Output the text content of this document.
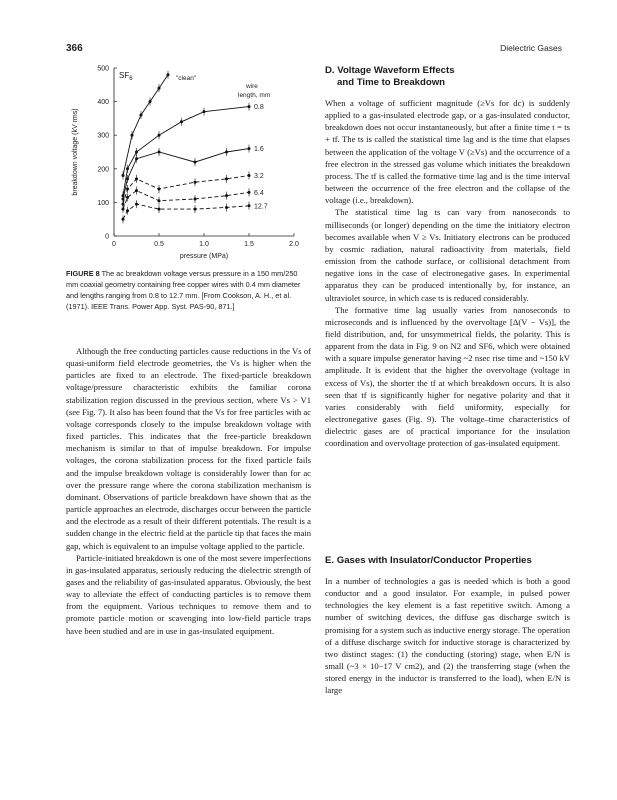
366	Dielectric Gases
0	0.5	1.0	1.5	2.0
0
100
200
300
400
500
0.8
1.6
3.2
6.4
12.7
breakdown voltage (kV rms)
pressure (MPa)
$SF_6$	"clean"
wire
length, mm
FIGURE 8 The ac breakdown voltage versus pressure in a 150 mm/250 mm coaxial geometry containing free copper wires with 0.4 mm diameter and lengths ranging from 0.8 to 12.7 mm. [From Cookson, A. H., et al. (1971). IEEE Trans. Power App. Syst. PAS-90, 871.]

Although the free conducting particles cause reductions in the Vs of quasi-uniform field electrode geometries, the Vs is higher when the particles are fixed to an electrode. The fixed-particle breakdown voltage/pressure characteristic exhibits the familiar corona stabilization region discussed in the previous section, where Vs > V1 (see Fig. 7). It also has been found that the Vs for free particles with ac voltage corresponds closely to the impulse breakdown voltage with fixed particles. This indicates that the free-particle breakdown mechanism is similar to that of impulse breakdown. For impulse voltages, the corona stabilization process for the fixed particle fails and the impulse breakdown voltage is considerably lower than for ac over the pressure range where the corona stabilization mechanism is dominant. Observations of particle breakdown have shown that as the particle approaches an electrode, discharges occur between the particle and the electrode as a result of their different potentials. The result is a sudden change in the electric field at the particle tip that faces the main gap, which is equivalent to an impulse voltage applied to the particle.

Particle-initiated breakdown is one of the most severe imperfections in gas-insulated apparatus, seriously reducing the dielectric strength of gases and the reliability of gas-insulated apparatus. Obviously, the best way to alleviate the effect of conducting particles is to remove them from the equipment. Various techniques to remove them and to promote particle motion or scavenging into low-field particle traps have been studied and are in use in gas-insulated equipment.

D. Voltage Waveform Effects
and Time to Breakdown

When a voltage of sufficient magnitude (≥Vs for dc) is suddenly applied to a gas-insulated electrode gap, or a gas-insulated conductor, breakdown does not occur instantaneously, but after a finite time t = ts + tf. The ts is called the statistical time lag and is the time that elapses between the application of the voltage V (≥Vs) and the occurrence of a free electron in the stressed gas volume which initiates the breakdown process. The tf is called the formative time lag and is the time interval between the occurrence of the free electron and the collapse of the voltage (i.e., breakdown).

The statistical time lag ts can vary from nanoseconds to milliseconds (or longer) depending on the time the initiatory electron becomes available when V ≥ Vs. Initiatory electrons can be produced by cosmic radiation, natural radioactivity from materials, field emission from the cathode surface, or collisional detachment from negative ions in the case of electronegative gases. In experimental apparatus they can be produced intentionally by, for instance, an ultraviolet source, in which case ts is reduced considerably.

The formative time lag usually varies from nanoseconds to microseconds and is influenced by the overvoltage [Δ(V − Vs)], the field distribution, and, for unsymmetrical fields, the polarity. This is apparent from the data in Fig. 9 on N2 and SF6, which were obtained with a square impulse generator having ~2 nsec rise time and ~150 kV amplitude. It is evident that the higher the overvoltage (voltage in excess of Vs), the shorter the tf at which breakdown occurs. It is also seen that tf is significantly higher for negative polarity and that it varies considerably with field uniformity, especially for electronegative gases (Fig. 9). The voltage–time characteristics of dielectric gases are of practical importance for the insulation coordination and overvoltage protection of gas-insulated equipment.

E. Gases with Insulator/Conductor Properties

In a number of technologies a gas is needed which is both a good conductor and a good insulator. For example, in pulsed power technologies the key element is a fast repetitive switch. Among a number of switching devices, the diffuse gas discharge switch is promising for a system such as inductive energy storage. The operation of a diffuse discharge switch for inductive storage is characterized by two distinct stages: (1) the conducting (storing) stage, when E/N is small (~3 × 10−17 V cm2), and (2) the transferring stage (when the stored energy in the inductor is transferred to the load), when E/N is large
